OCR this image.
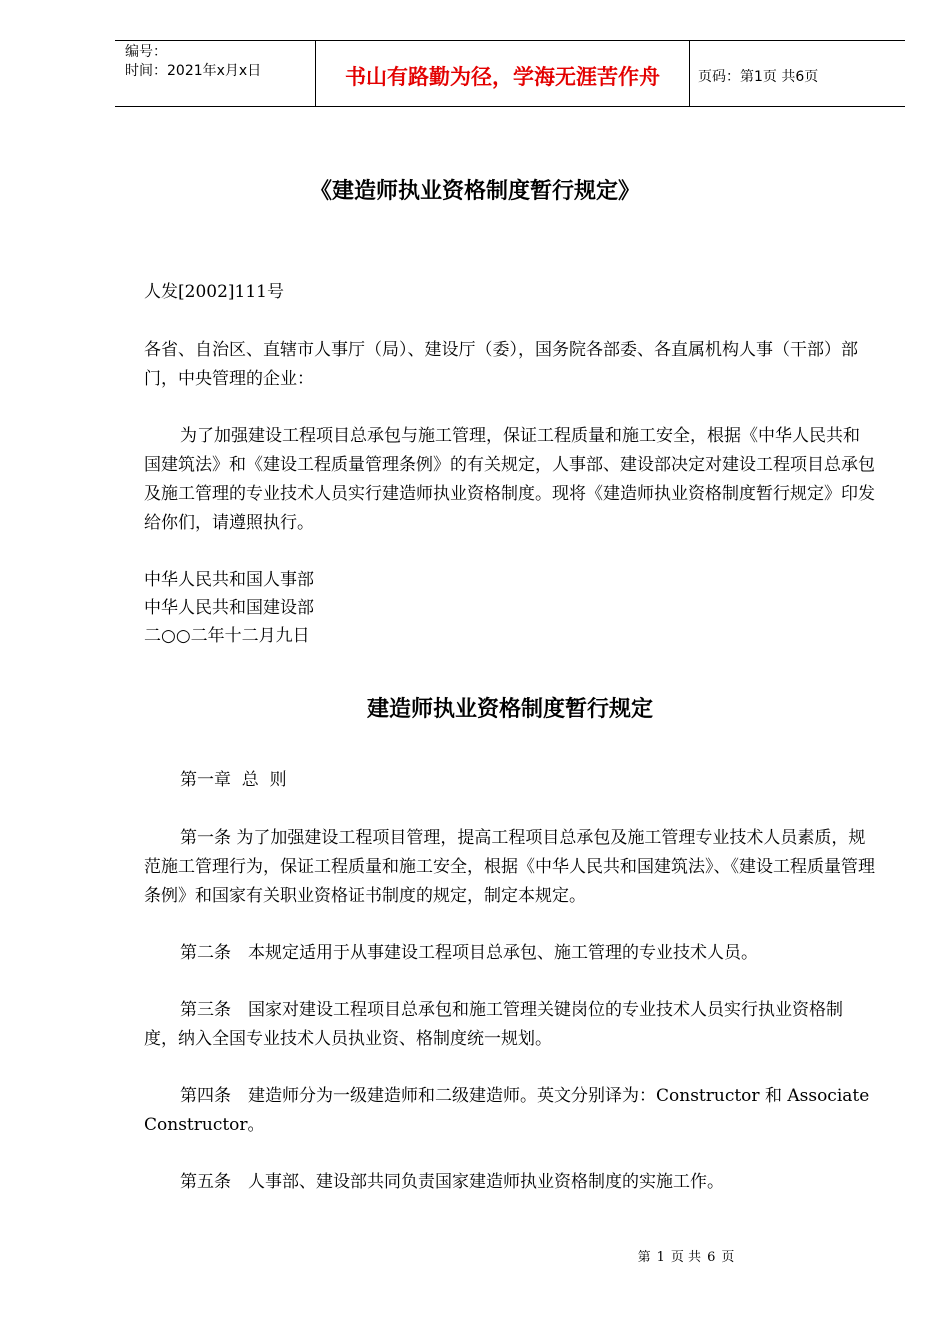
编号：
时间：2021年x月x日	书山有路勤为径，学海无涯苦作舟	页码：第1页 共6页
《建造师执业资格制度暂行规定》

人发[2002]111号

各省、自治区、直辖市人事厅（局）、建设厅（委），国务院各部委、各直属机构人事（干部）部门，中央管理的企业：

为了加强建设工程项目总承包与施工管理，保证工程质量和施工安全，根据《中华人民共和国建筑法》和《建设工程质量管理条例》的有关规定，人事部、建设部决定对建设工程项目总承包及施工管理的专业技术人员实行建造师执业资格制度。现将《建造师执业资格制度暂行规定》印发给你们，请遵照执行。

中华人民共和国人事部

中华人民共和国建设部

二○○二年十二月九日

建造师执业资格制度暂行规定

第一章  总  则

第一条 为了加强建设工程项目管理，提高工程项目总承包及施工管理专业技术人员素质，规范施工管理行为，保证工程质量和施工安全，根据《中华人民共和国建筑法》、《建设工程质量管理条例》和国家有关职业资格证书制度的规定，制定本规定。

第二条　本规定适用于从事建设工程项目总承包、施工管理的专业技术人员。

第三条　国家对建设工程项目总承包和施工管理关键岗位的专业技术人员实行执业资格制度，纳入全国专业技术人员执业资、格制度统一规划。

第四条　建造师分为一级建造师和二级建造师。英文分别译为：Constructor 和 Associate Constructor。

第五条　人事部、建设部共同负责国家建造师执业资格制度的实施工作。

第 1 页 共 6 页
